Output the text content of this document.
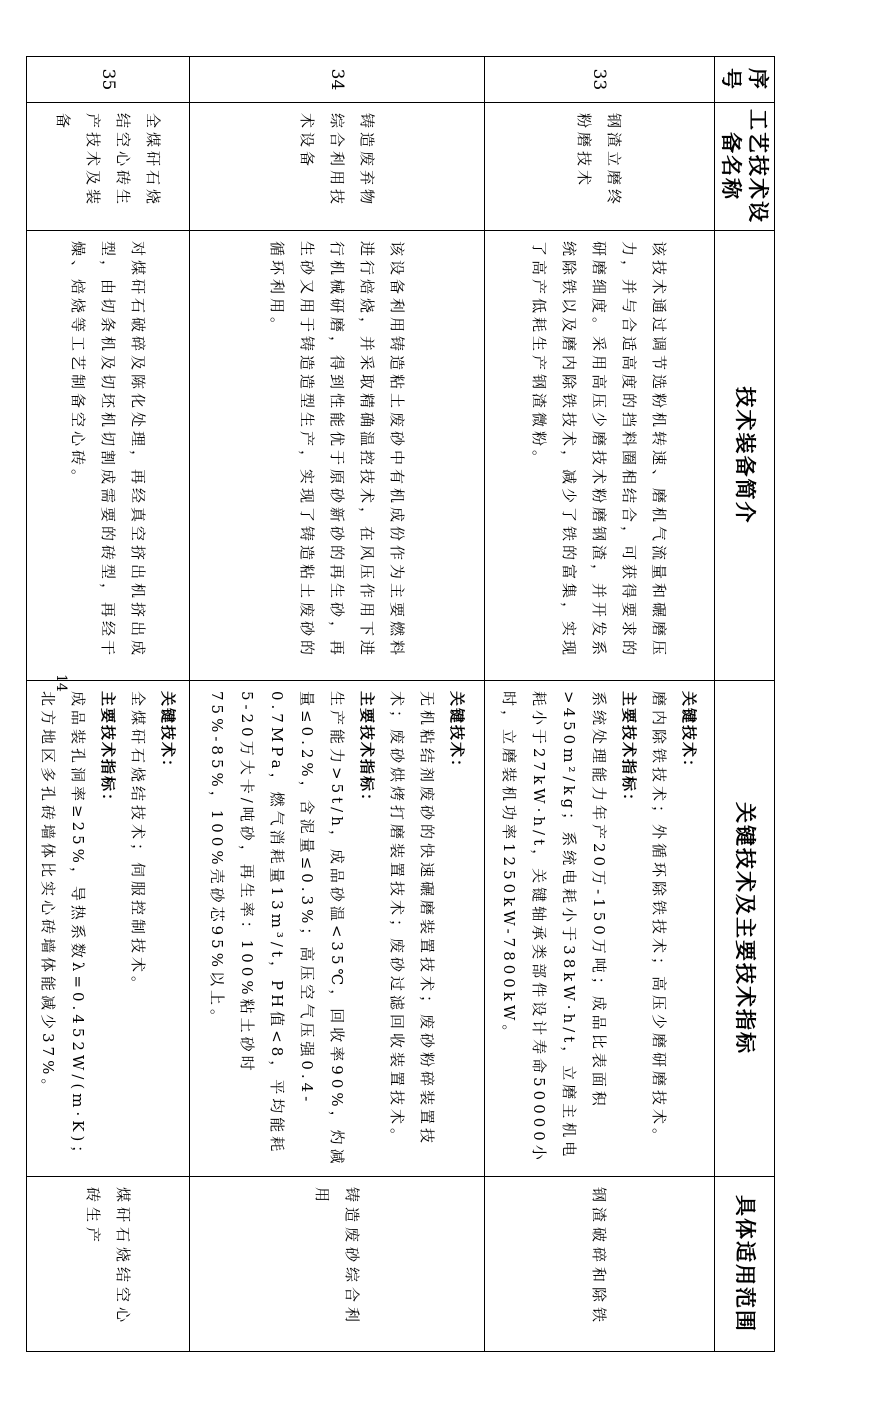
序号	工艺技术设备名称	技术装备简介	关键技术及主要技术指标	具体适用范围
33	钢渣立磨终粉磨技术	该技术通过调节选粉机转速、磨机气流量和碾磨压力，并与合适高度的挡料圈相结合，可获得要求的研磨细度。采用高压少磨技术粉磨钢渣，并开发系统除铁以及磨内除铁技术，减少了铁的富集，实现了高产低耗生产钢渣微粉。	关键技术：
磨内除铁技术；外循环除铁技术；高压少磨研磨技术。
主要技术指标：
系统处理能力年产20万-150万吨；成品比表面积>450m²/kg；系统电耗小于38kW·h/t，立磨主机电耗小于27kW·h/t，关键轴承类部件设计寿命50000小时，立磨装机功率1250kW-7800kW。	钢渣破碎和除铁
34	铸造废弃物综合利用技术设备	该设备利用铸造粘土废砂中有机成份作为主要燃料进行焙烧，并采取精确温控技术，在风压作用下进行机械研磨，得到性能优于原砂新砂的再生砂，再生砂又用于铸造造型生产，实现了铸造粘土废砂的循环利用。	关键技术：
无机粘结剂废砂的快速碾磨装置技术；废砂粉碎装置技术；废砂烘烤打磨装置技术；废砂过滤回收装置技术。
主要技术指标：
生产能力>5t/h，成品砂温<35℃，回收率90%，灼减量≤0.2%，含泥量≤0.3%；高压空气压强0.4-0.7MPa，燃气消耗量13m³/t，PH值<8，平均能耗5-20万大卡/吨砂，再生率：100%粘土砂时75%-85%，100%壳砂芯95%以上。	铸造废砂综合利用
35	全煤矸石烧结空心砖生产技术及装备	对煤矸石破碎及陈化处理，再经真空挤出机挤出成型，由切条机及切坯机切割成需要的砖型，再经干燥、焙烧等工艺制备空心砖。	关键技术：
全煤矸石烧结技术；伺服控制技术。
主要技术指标：
成品装孔洞率≥25%，导热系数λ=0.452W/(m·K)；北方地区多孔砖墙体比实心砖墙体能减少37%。	煤矸石烧结空心砖生产
14
